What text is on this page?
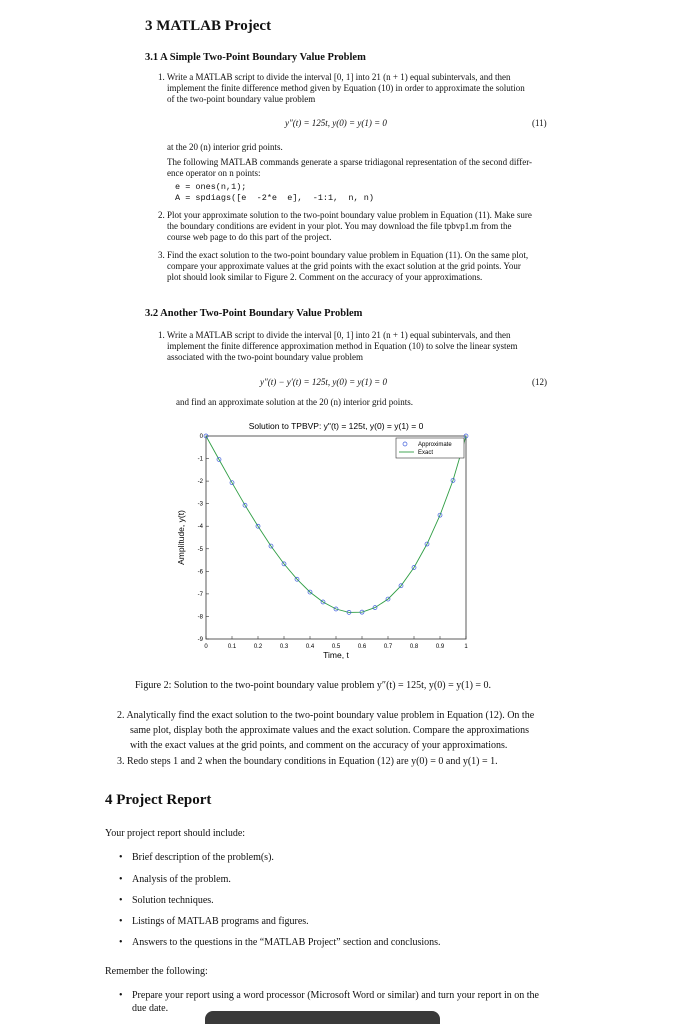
3 MATLAB Project
3.1 A Simple Two-Point Boundary Value Problem
1. Write a MATLAB script to divide the interval [0, 1] into 21 (n + 1) equal subintervals, and then
implement the finite difference method given by Equation (10) in order to approximate the solution
of the two-point boundary value problem
y″(t) = 125t, y(0) = y(1) = 0	(11)
at the 20 (n) interior grid points.
The following MATLAB commands generate a sparse tridiagonal representation of the second differ-
ence operator on n points:
e = ones(n,1);
A = spdiags([e  -2*e  e],  -1:1,  n, n)
2. Plot your approximate solution to the two-point boundary value problem in Equation (11). Make sure
the boundary conditions are evident in your plot. You may download the file tpbvp1.m from the
course web page to do this part of the project.
3. Find the exact solution to the two-point boundary value problem in Equation (11). On the same plot,
compare your approximate values at the grid points with the exact solution at the grid points. Your
plot should look similar to Figure 2. Comment on the accuracy of your approximations.
3.2 Another Two-Point Boundary Value Problem
1. Write a MATLAB script to divide the interval [0, 1] into 21 (n + 1) equal subintervals, and then
implement the finite difference approximation method in Equation (10) to solve the linear system
associated with the two-point boundary value problem
y″(t) − y′(t) = 125t, y(0) = y(1) = 0	(12)
and find an approximate solution at the 20 (n) interior grid points.
Solution to TPBVP: y"(t) = 125t, y(0) = y(1) = 0
0	0.1	0.2	0.3	0.4	0.5	0.6	0.7	0.8	0.9	1
0
-1
-2
-3
-4
-5
-6
-7
-8
-9
Time, t
Amplitude, y(t)
Approximate
Exact
Figure 2: Solution to the two-point boundary value problem y″(t) = 125t, y(0) = y(1) = 0.
2. Analytically find the exact solution to the two-point boundary value problem in Equation (12). On the
same plot, display both the approximate values and the exact solution. Compare the approximations
with the exact values at the grid points, and comment on the accuracy of your approximations.
3. Redo steps 1 and 2 when the boundary conditions in Equation (12) are y(0) = 0 and y(1) = 1.
4 Project Report
Your project report should include:
• Brief description of the problem(s).
• Analysis of the problem.
• Solution techniques.
• Listings of MATLAB programs and figures.
• Answers to the questions in the “MATLAB Project” section and conclusions.
Remember the following:
• Prepare your report using a word processor (Microsoft Word or similar) and turn your report in on the
due date.
